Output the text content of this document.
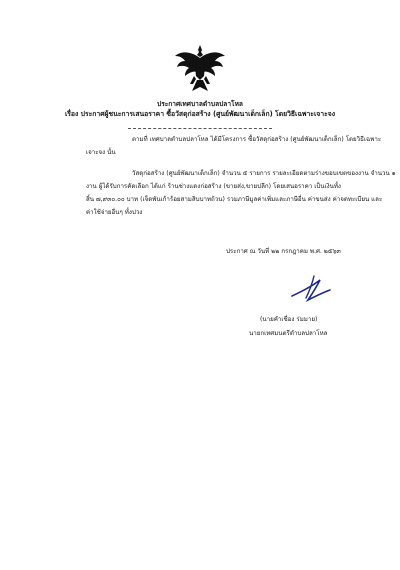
ประกาศเทศบาลตำบลปลาโหล
เรื่อง ประกาศผู้ชนะการเสนอราคา ซื้อวัสดุก่อสร้าง (ศูนย์พัฒนาเด็กเล็ก) โดยวิธีเฉพาะเจาะจง
ตามที่ เทศบาลตำบลปลาโหล ได้มีโครงการ ซื้อวัสดุก่อสร้าง (ศูนย์พัฒนาเด็กเล็ก) โดยวิธีเฉพาะ
เจาะจง นั้น
วัสดุก่อสร้าง (ศูนย์พัฒนาเด็กเล็ก) จำนวน ๕ รายการ รายละเอียดตามร่างขอบเขตของงาน จำนวน ๑
งาน ผู้ได้รับการคัดเลือก ได้แก่ ร้านช่างแดงก่อสร้าง (ขายส่ง,ขายปลีก) โดยเสนอราคา เป็นเงินทั้ง
สิ้น ๗,๙๓๐.๐๐ บาท (เจ็ดพันเก้าร้อยสามสิบบาทถ้วน) รวมภาษีมูลค่าเพิ่มและภาษีอื่น ค่าขนส่ง ค่าจดทะเบียน และ
ค่าใช้จ่ายอื่นๆ ทั้งปวง
ประกาศ ณ วันที่ ๒๒ กรกฎาคม พ.ศ. ๒๕๖๓
(นายคำเชื่อง ร่มมาย)
นายกเทศมนตรีตำบลปลาโหล
